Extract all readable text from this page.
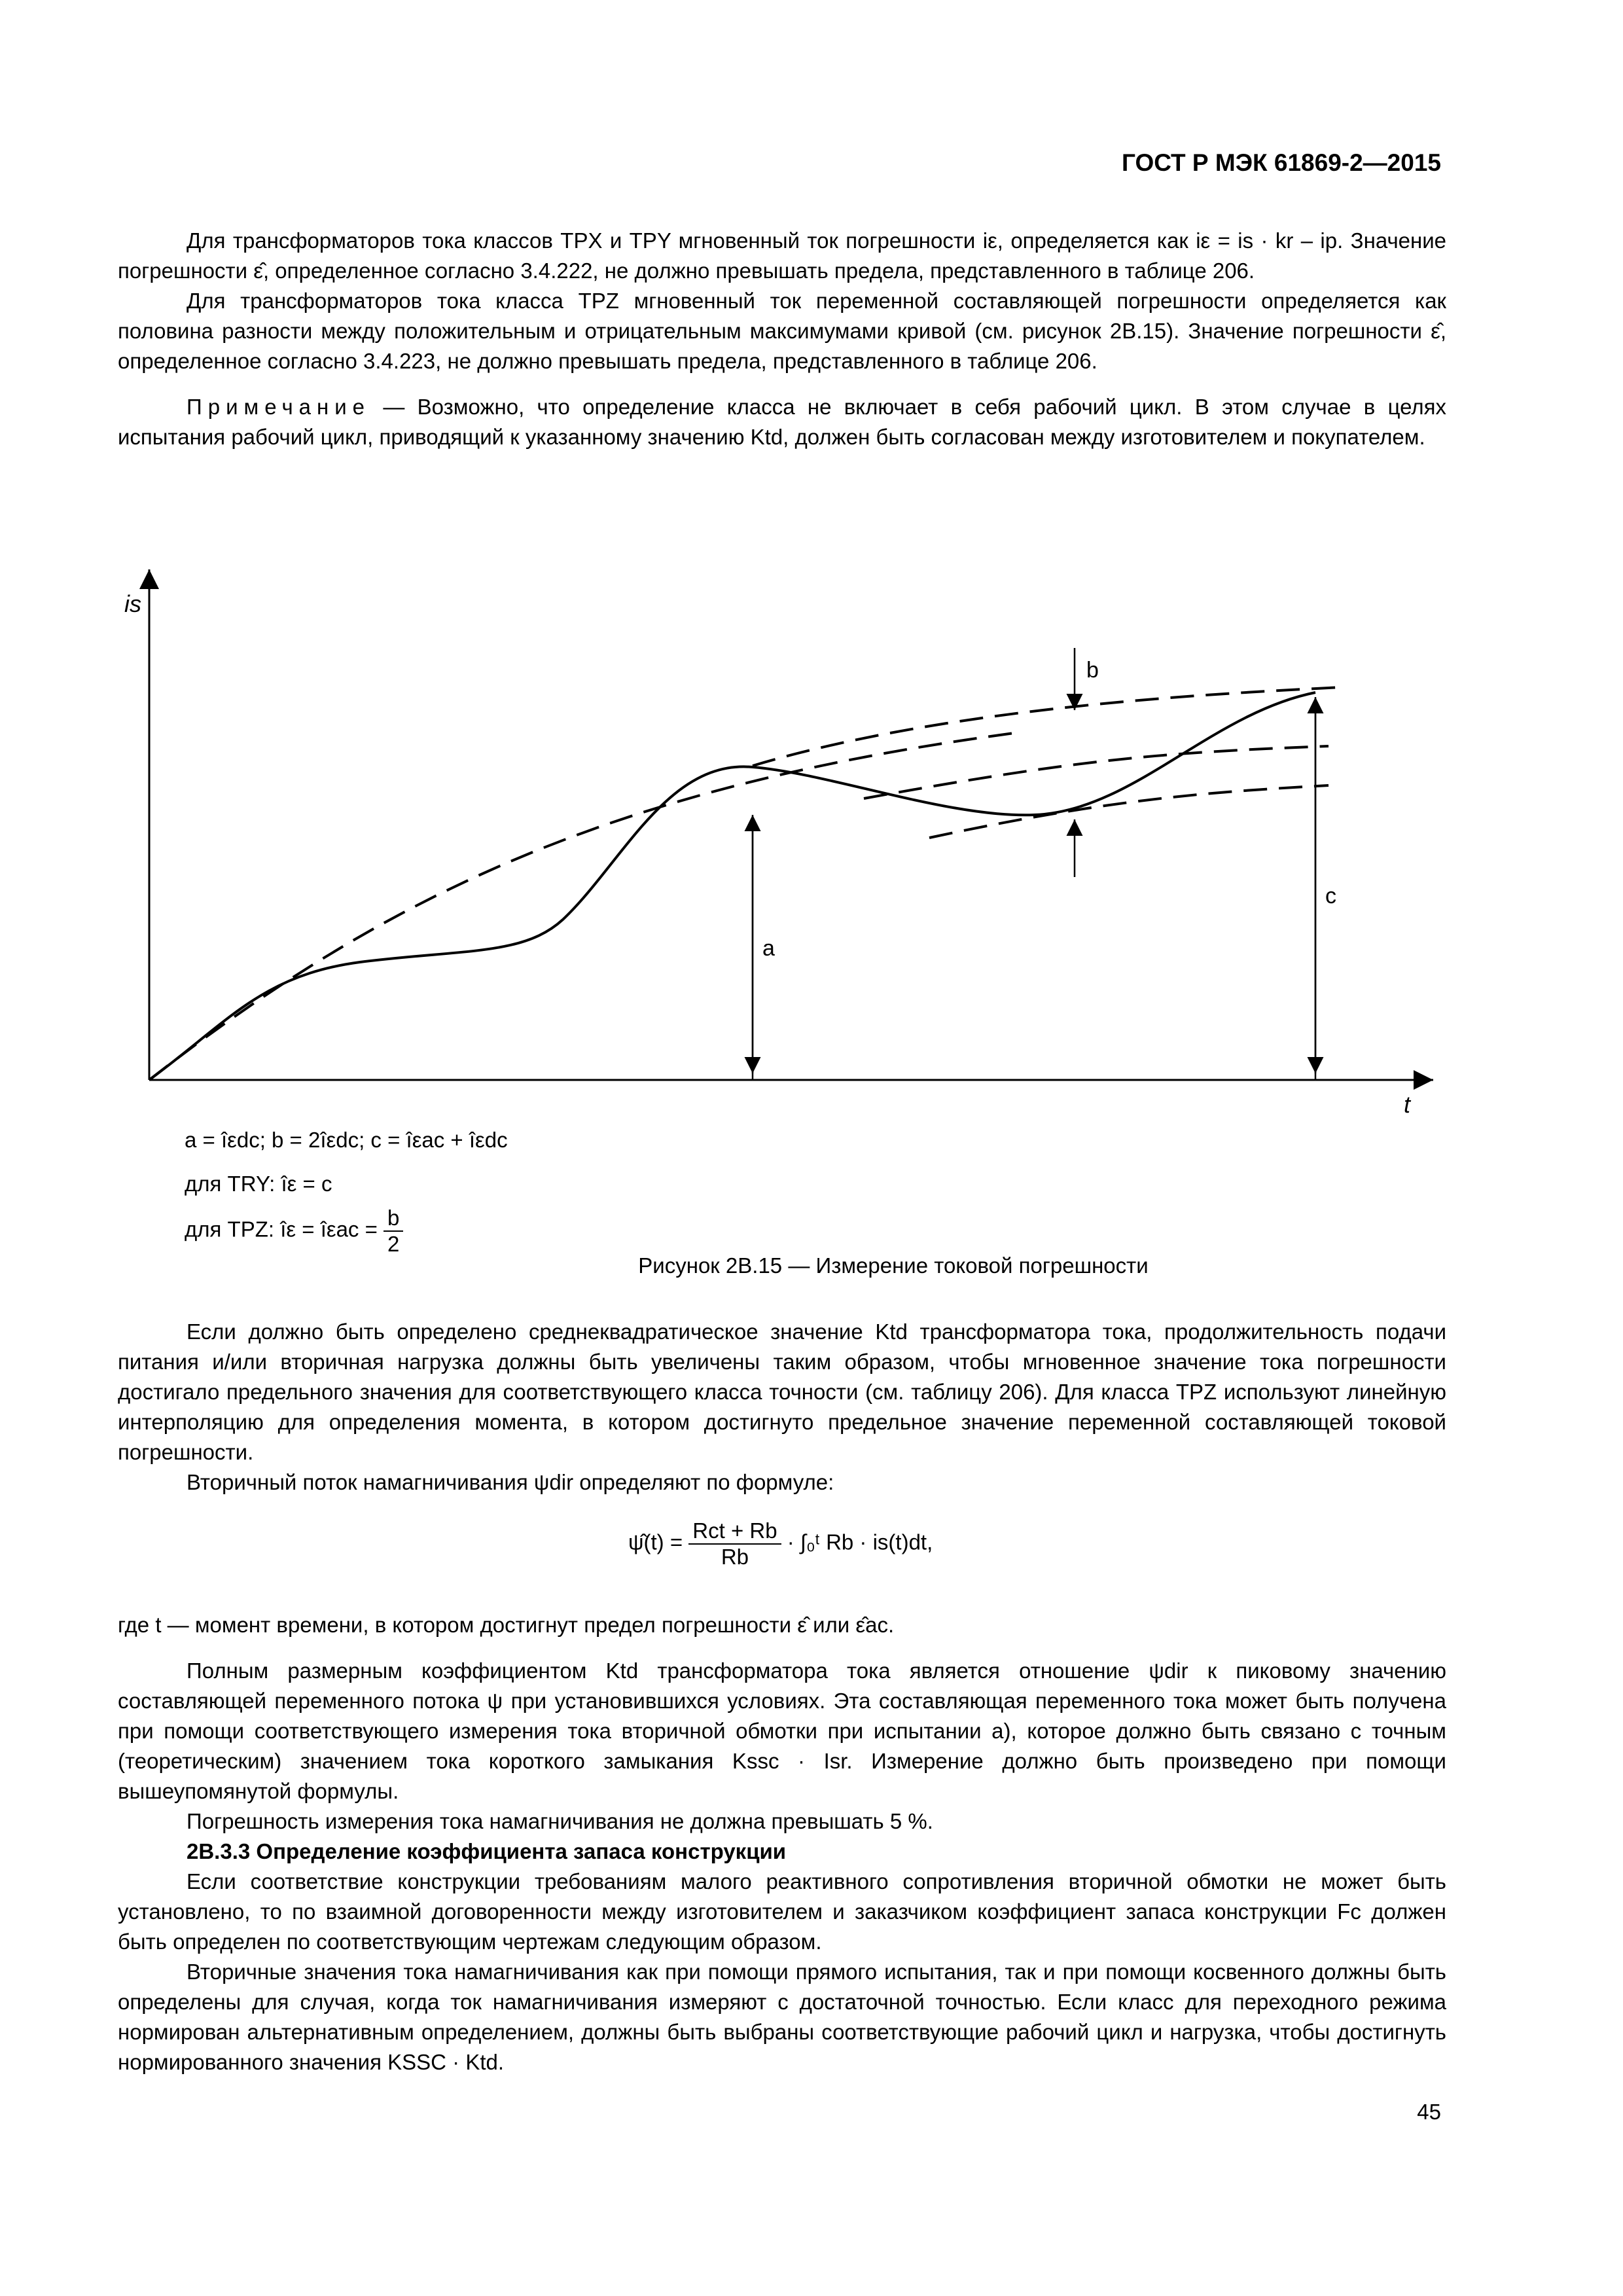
ГОСТ Р МЭК 61869-2—2015

Для трансформаторов тока классов TPX и TPY мгновенный ток погрешности iε, определяется как iε = is · kr – ip. Значение погрешности ε̂, определенное согласно 3.4.222, не должно превышать предела, представленного в таблице 206.

Для трансформаторов тока класса TPZ мгновенный ток переменной составляющей погрешности определяется как половина разности между положительным и отрицательным максимумами кривой (см. рисунок 2В.15). Значение погрешности ε̂, определенное согласно 3.4.223, не должно превышать предела, представленного в таблице 206.

Примечание — Возможно, что определение класса не включает в себя рабочий цикл. В этом случае в целях испытания рабочий цикл, приводящий к указанному значению Ktd, должен быть согласован между изготовителем и покупателем.

is
t
a
c
b
a = îεdc; b = 2îεdc; c = îεac + îεdc
для TRY: îε = c
для TPZ: îε = îεac = $\frac{b}{2}$
Рисунок 2В.15 — Измерение токовой погрешности

Если должно быть определено среднеквадратическое значение Ktd трансформатора тока, продолжительность подачи питания и/или вторичная нагрузка должны быть увеличены таким образом, чтобы мгновенное значение тока погрешности достигало предельного значения для соответствующего класса точности (см. таблицу 206). Для класса TPZ используют линейную интерполяцию для определения момента, в котором достигнуто предельное значение переменной составляющей токовой погрешности.

Вторичный поток намагничивания ψdir определяют по формуле:

ψ̂(t) = $\frac{\text{Rct + Rb}}{Rb}$ · ∫₀ᵗ Rb · is(t)dt,

где t — момент времени, в котором достигнут предел погрешности ε̂ или ε̂ac.

Полным размерным коэффициентом Ktd трансформатора тока является отношение ψdir к пиковому значению составляющей переменного потока ψ при установившихся условиях. Эта составляющая переменного тока может быть получена при помощи соответствующего измерения тока вторичной обмотки при испытании а), которое должно быть связано с точным (теоретическим) значением тока короткого замыкания Kssc · Isr. Измерение должно быть произведено при помощи вышеупомянутой формулы.

Погрешность измерения тока намагничивания не должна превышать 5 %.

2В.3.3 Определение коэффициента запаса конструкции

Если соответствие конструкции требованиям малого реактивного сопротивления вторичной обмотки не может быть установлено, то по взаимной договоренности между изготовителем и заказчиком коэффициент запаса конструкции Fc должен быть определен по соответствующим чертежам следующим образом.

Вторичные значения тока намагничивания как при помощи прямого испытания, так и при помощи косвенного должны быть определены для случая, когда ток намагничивания измеряют с достаточной точностью. Если класс для переходного режима нормирован альтернативным определением, должны быть выбраны соответствующие рабочий цикл и нагрузка, чтобы достигнуть нормированного значения KSSC · Ktd.

45
